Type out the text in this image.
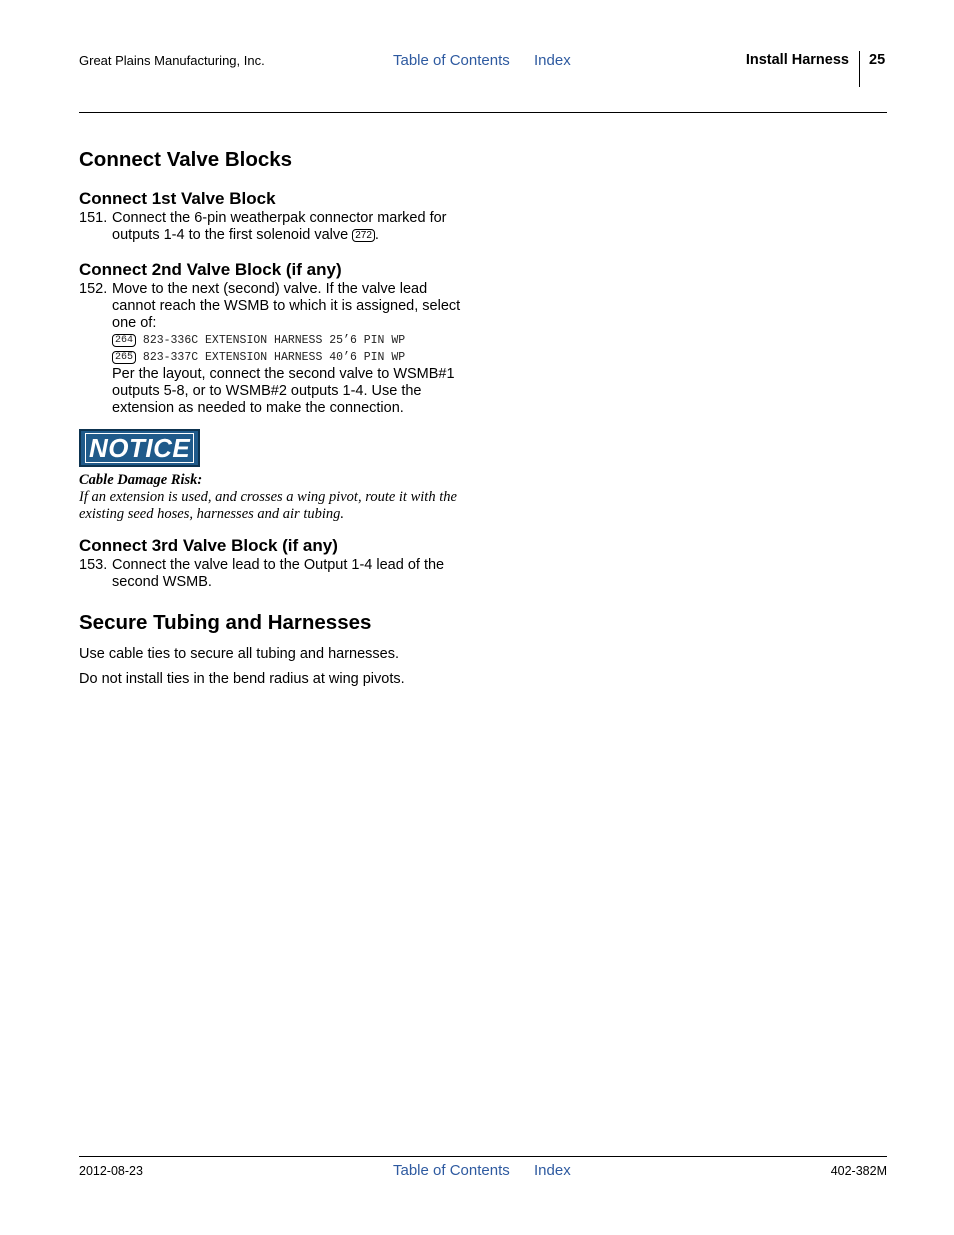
Great Plains Manufacturing, Inc.	Table of Contents Index	Install Harness 25
Connect Valve Blocks
Connect 1st Valve Block
151. Connect the 6-pin weatherpak connector marked for outputs 1-4 to the first solenoid valve 272 .
Connect 2nd Valve Block (if any)
152. Move to the next (second) valve. If the valve lead cannot reach the WSMB to which it is assigned, select one of:
264 823-336C EXTENSION HARNESS 25’6 PIN WP
265 823-337C EXTENSION HARNESS 40’6 PIN WP
Per the layout, connect the second valve to WSMB#1 outputs 5-8, or to WSMB#2 outputs 1-4. Use the extension as needed to make the connection.
NOTICE
Cable Damage Risk:
If an extension is used, and crosses a wing pivot, route it with the existing seed hoses, harnesses and air tubing.
Connect 3rd Valve Block (if any)
153. Connect the valve lead to the Output 1-4 lead of the second WSMB.
Secure Tubing and Harnesses
Use cable ties to secure all tubing and harnesses.
Do not install ties in the bend radius at wing pivots.
2012-08-23	Table of Contents Index	402-382M
